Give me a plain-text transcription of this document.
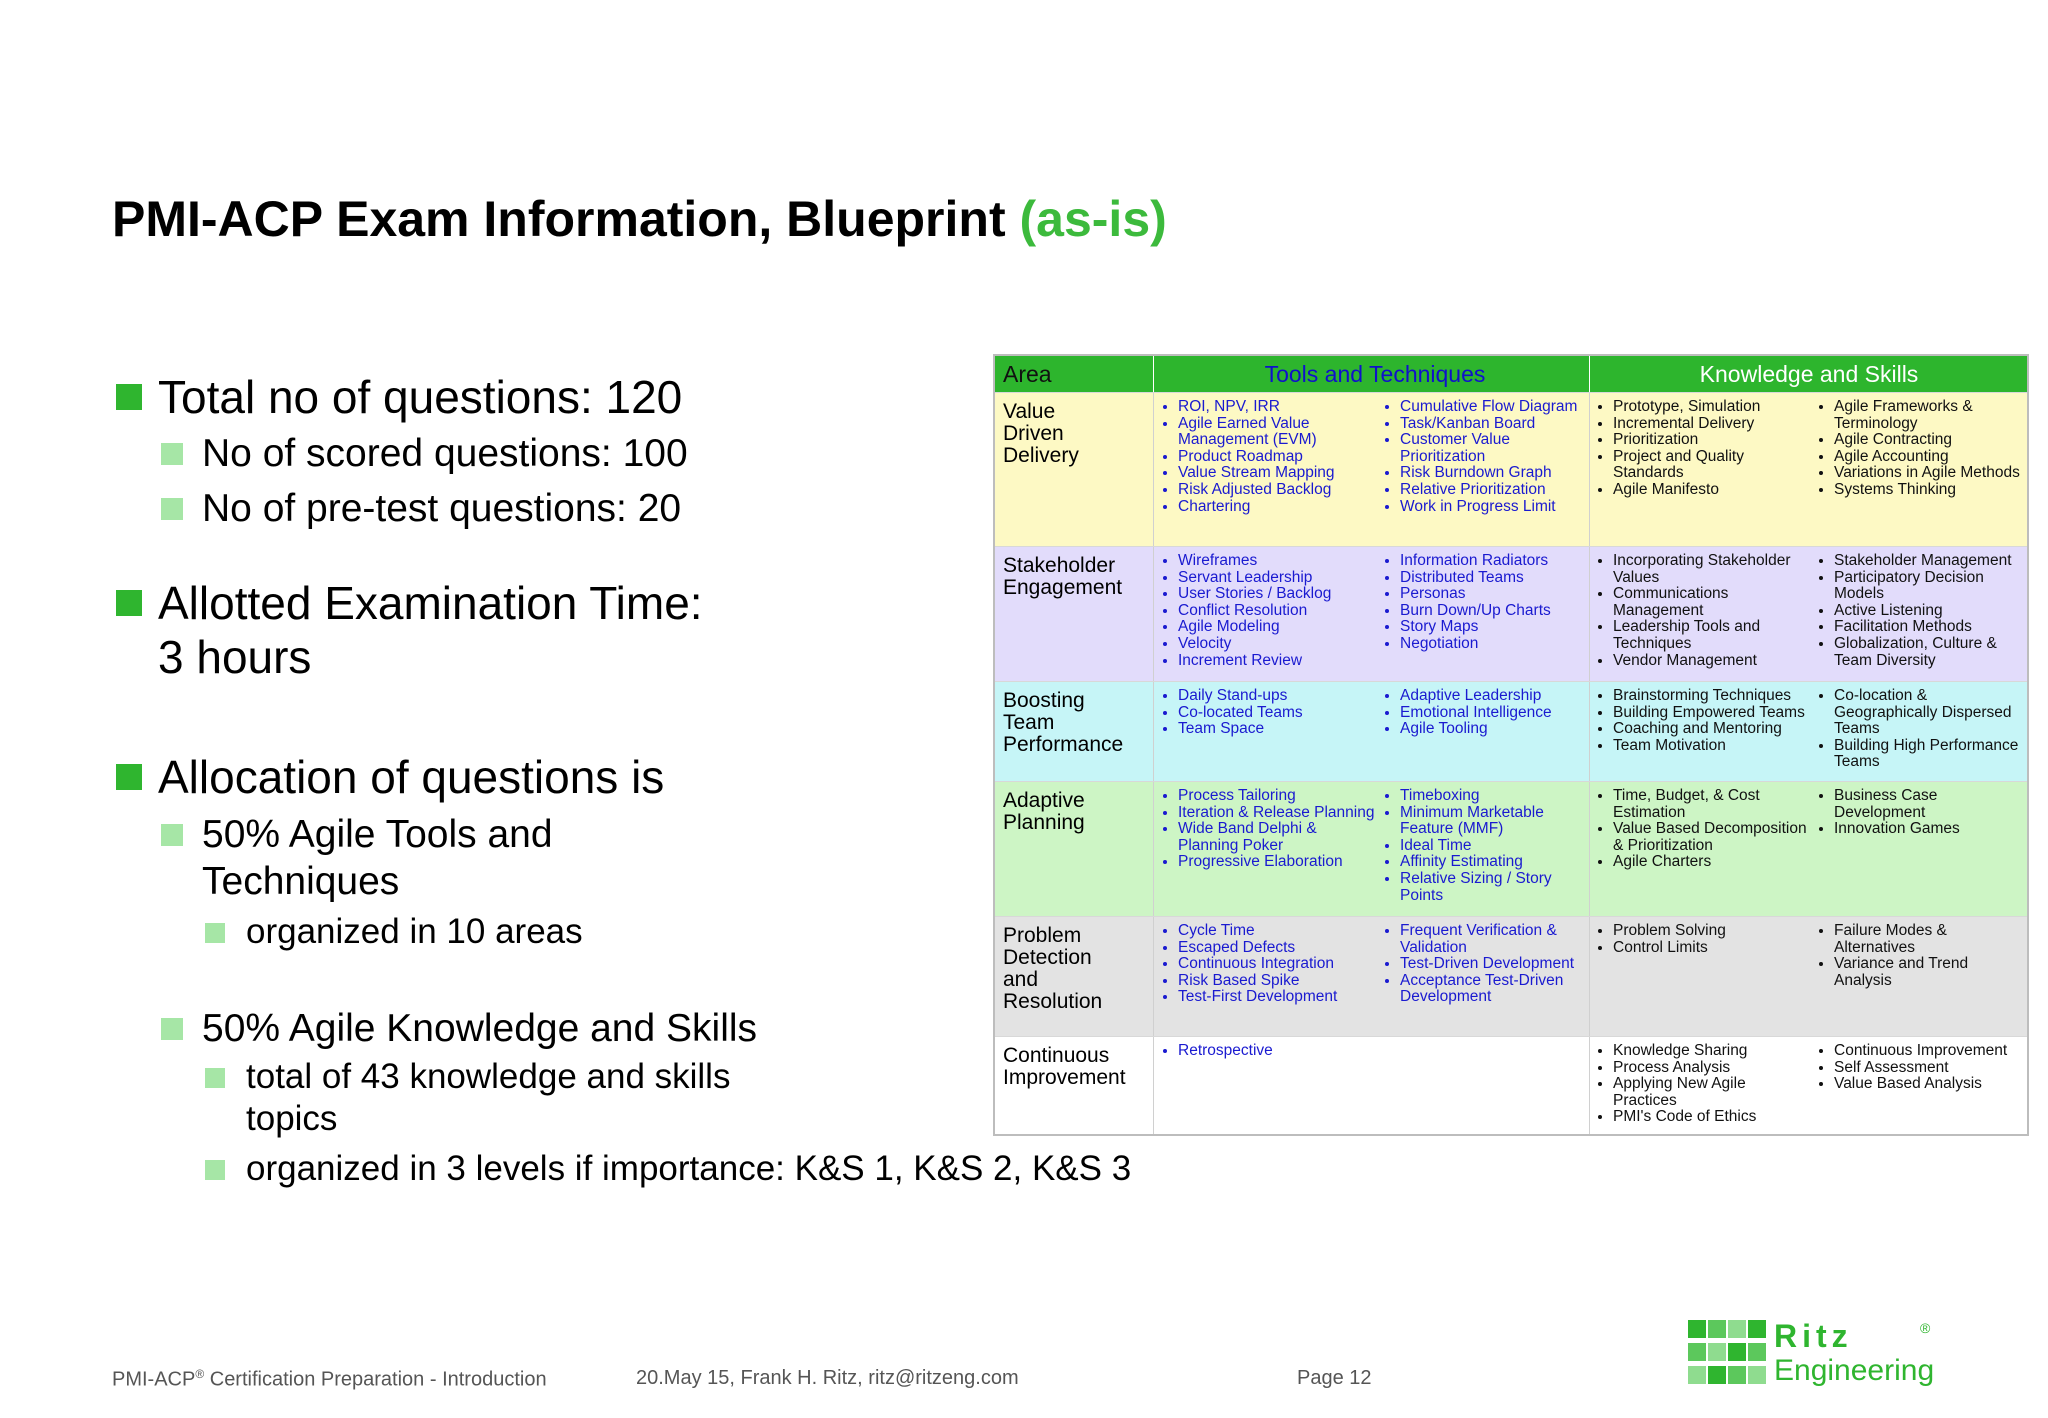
PMI-ACP Exam Information, Blueprint (as-is)
Total no of questions: 120
No of scored questions: 100
No of pre-test questions: 20
Allotted Examination Time:
3 hours
Allocation of questions is
50% Agile Tools and
Techniques
organized in 10 areas
50% Agile Knowledge and Skills
total of 43 knowledge and skills
topics
organized in 3 levels if importance: K&S 1, K&S 2, K&S 3
Area	Tools and Techniques	Knowledge and Skills
Value
Driven
Delivery
• ROI, NPV, IRR
• Agile Earned Value Management (EVM)
• Product Roadmap
• Value Stream Mapping
• Risk Adjusted Backlog
• Chartering
• Cumulative Flow Diagram
• Task/Kanban Board
• Customer Value Prioritization
• Risk Burndown Graph
• Relative Prioritization
• Work in Progress Limit
• Prototype, Simulation
• Incremental Delivery
• Prioritization
• Project and Quality Standards
• Agile Manifesto
• Agile Frameworks & Terminology
• Agile Contracting
• Agile Accounting
• Variations in Agile Methods
• Systems Thinking
Stakeholder
Engagement
• Wireframes
• Servant Leadership
• User Stories / Backlog
• Conflict Resolution
• Agile Modeling
• Velocity
• Increment Review
• Information Radiators
• Distributed Teams
• Personas
• Burn Down/Up Charts
• Story Maps
• Negotiation
• Incorporating Stakeholder Values
• Communications Management
• Leadership Tools and Techniques
• Vendor Management
• Stakeholder Management
• Participatory Decision Models
• Active Listening
• Facilitation Methods
• Globalization, Culture & Team Diversity
Boosting
Team
Performance
• Daily Stand-ups
• Co-located Teams
• Team Space
• Adaptive Leadership
• Emotional Intelligence
• Agile Tooling
• Brainstorming Techniques
• Building Empowered Teams
• Coaching and Mentoring
• Team Motivation
• Co-location & Geographically Dispersed Teams
• Building High Performance Teams
Adaptive
Planning
• Process Tailoring
• Iteration & Release Planning
• Wide Band Delphi & Planning Poker
• Progressive Elaboration
• Timeboxing
• Minimum Marketable Feature (MMF)
• Ideal Time
• Affinity Estimating
• Relative Sizing / Story Points
• Time, Budget, & Cost Estimation
• Value Based Decomposition & Prioritization
• Agile Charters
• Business Case Development
• Innovation Games
Problem
Detection
and
Resolution
• Cycle Time
• Escaped Defects
• Continuous Integration
• Risk Based Spike
• Test-First Development
• Frequent Verification & Validation
• Test-Driven Development
• Acceptance Test-Driven Development
• Problem Solving
• Control Limits
• Failure Modes & Alternatives
• Variance and Trend Analysis
Continuous
Improvement
• Retrospective
•	Knowledge Sharing
• Process Analysis
• Applying New Agile Practices
• PMI's Code of Ethics
• Continuous Improvement
• Self Assessment
• Value Based Analysis
PMI-ACP® Certification Preparation - Introduction	20.May 15, Frank H. Ritz, ritz@ritzeng.com	Page 12
Ritz
Engineering
®
